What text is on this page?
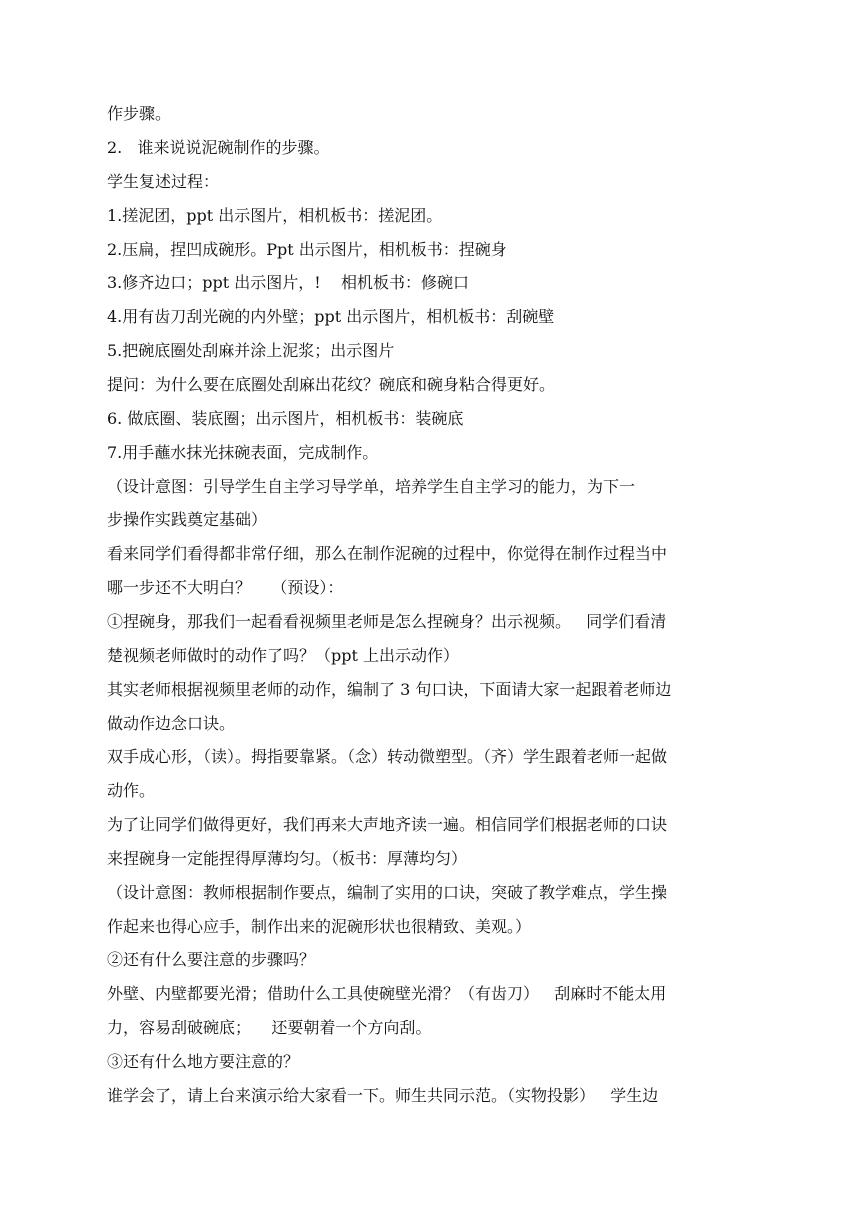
作步骤。
2.   谁来说说泥碗制作的步骤。
学生复述过程：
1.搓泥团，ppt 出示图片，相机板书：搓泥团。
2.压扁，捏凹成碗形。Ppt 出示图片，相机板书：捏碗身
3.修齐边口；ppt 出示图片，!    相机板书：修碗口
4.用有齿刀刮光碗的内外壁；ppt 出示图片，相机板书：刮碗壁
5.把碗底圈处刮麻并涂上泥浆；出示图片
提问：为什么要在底圈处刮麻出花纹？碗底和碗身粘合得更好。
6. 做底圈、装底圈；出示图片，相机板书：装碗底
7.用手蘸水抹光抹碗表面，完成制作。
（设计意图：引导学生自主学习导学单，培养学生自主学习的能力，为下一
步操作实践奠定基础）
看来同学们看得都非常仔细，那么在制作泥碗的过程中，你觉得在制作过程当中
哪一步还不大明白？    （预设）：
①捏碗身，那我们一起看看视频里老师是怎么捏碗身？出示视频。   同学们看清
楚视频老师做时的动作了吗？（ppt 上出示动作）
其实老师根据视频里老师的动作，编制了 3 句口诀，下面请大家一起跟着老师边
做动作边念口诀。
双手成心形，（读）。拇指要靠紧。（念）转动微塑型。（齐）学生跟着老师一起做
动作。
为了让同学们做得更好，我们再来大声地齐读一遍。相信同学们根据老师的口诀
来捏碗身一定能捏得厚薄均匀。（板书：厚薄均匀）
（设计意图：教师根据制作要点，编制了实用的口诀，突破了教学难点，学生操
作起来也得心应手，制作出来的泥碗形状也很精致、美观。）
②还有什么要注意的步骤吗？
外壁、内壁都要光滑；借助什么工具使碗壁光滑？（有齿刀）   刮麻时不能太用
力，容易刮破碗底；    还要朝着一个方向刮。
③还有什么地方要注意的？
谁学会了，请上台来演示给大家看一下。师生共同示范。（实物投影）   学生边
